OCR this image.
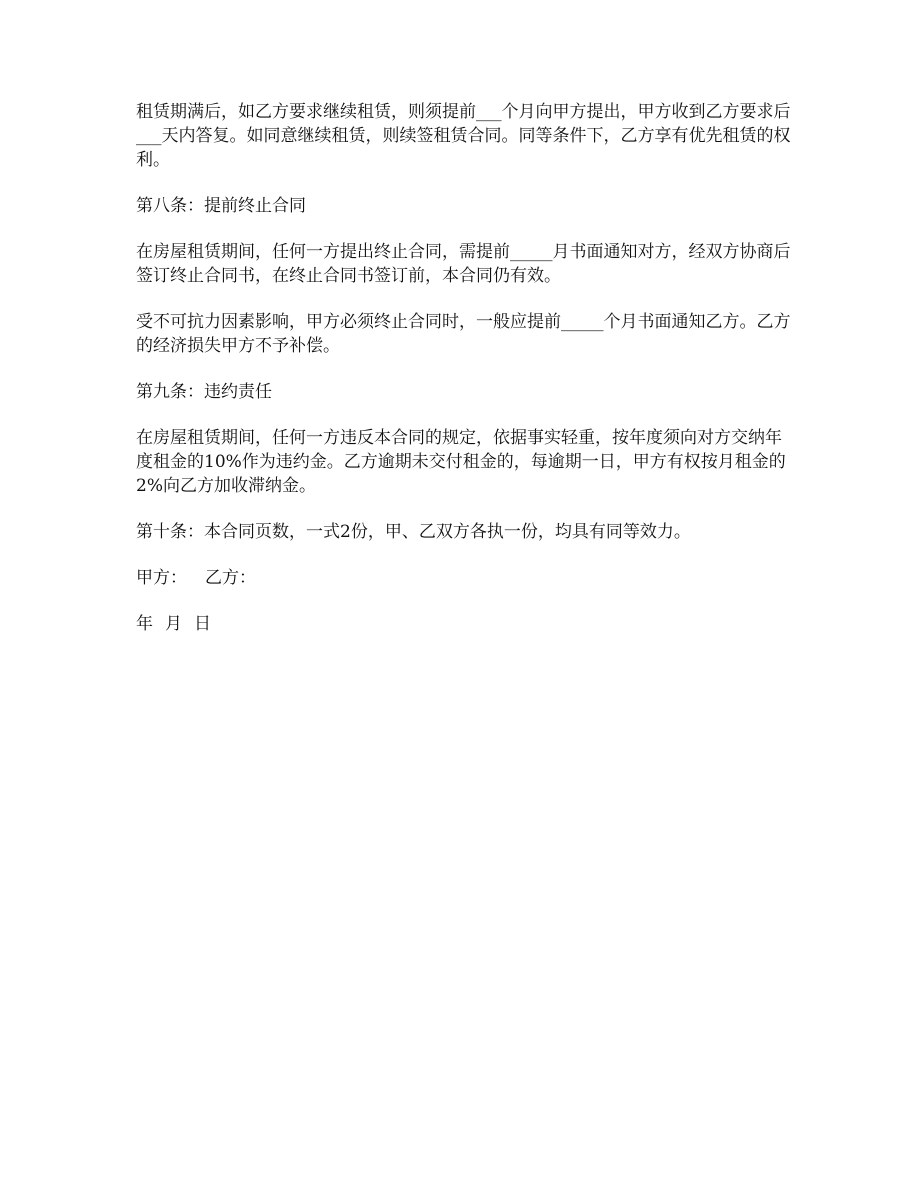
租赁期满后，如乙方要求继续租赁，则须提前___个月向甲方提出，甲方收到乙方要求后___天内答复。如同意继续租赁，则续签租赁合同。同等条件下，乙方享有优先租赁的权利。

第八条：提前终止合同

在房屋租赁期间，任何一方提出终止合同，需提前_____月书面通知对方，经双方协商后签订终止合同书，在终止合同书签订前，本合同仍有效。

受不可抗力因素影响，甲方必须终止合同时，一般应提前_____个月书面通知乙方。乙方的经济损失甲方不予补偿。

第九条：违约责任

在房屋租赁期间，任何一方违反本合同的规定，依据事实轻重，按年度须向对方交纳年度租金的10%作为违约金。乙方逾期未交付租金的，每逾期一日，甲方有权按月租金的2%向乙方加收滞纳金。

第十条：本合同页数，一式2份，甲、乙双方各执一份，均具有同等效力。

甲方： 乙方：

年 月 日
